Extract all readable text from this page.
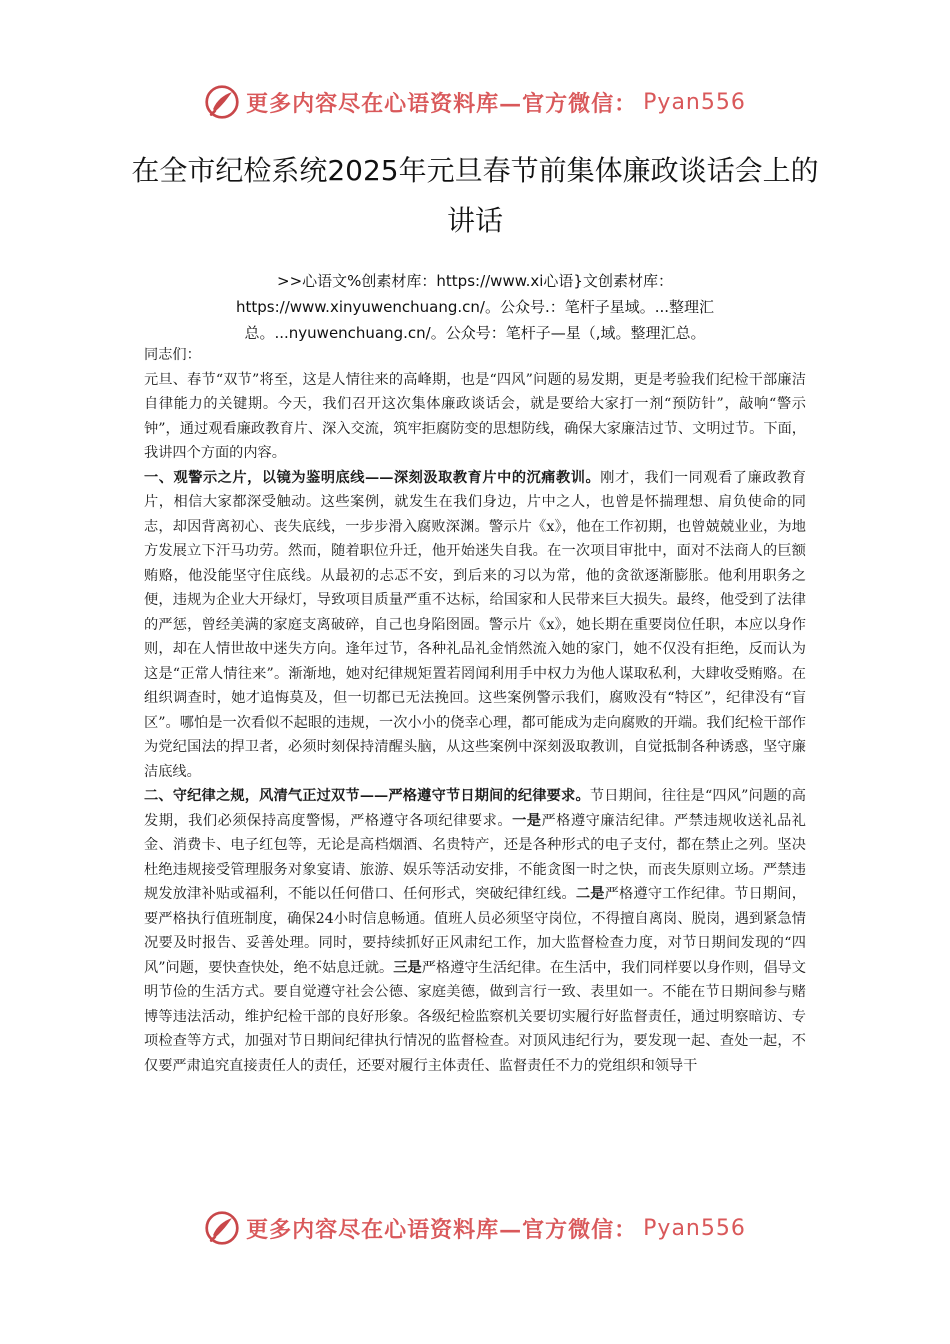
更多内容尽在心语资料库—官方微信： Pyan556
在全市纪检系统2025年元旦春节前集体廉政谈话会上的讲话
>>心语文%创素材库：https://www.xi心语}文创素材库：https://www.xinyuwenchuang.cn/。公众号.：笔杆子星域。...整理汇总。...nyuwenchuang.cn/。公众号：笔杆子—星（,域。整理汇总。

同志们：

元旦、春节“双节”将至，这是人情往来的高峰期，也是“四风”问题的易发期，更是考验我们纪检干部廉洁自律能力的关键期。今天，我们召开这次集体廉政谈话会，就是要给大家打一剂“预防针”，敲响“警示钟”，通过观看廉政教育片、深入交流，筑牢拒腐防变的思想防线，确保大家廉洁过节、文明过节。下面，我讲四个方面的内容。

一、观警示之片，以镜为鉴明底线——深刻汲取教育片中的沉痛教训。刚才，我们一同观看了廉政教育片，相信大家都深受触动。这些案例，就发生在我们身边，片中之人，也曾是怀揣理想、肩负使命的同志，却因背离初心、丧失底线，一步步滑入腐败深渊。警示片《x》，他在工作初期，也曾兢兢业业，为地方发展立下汗马功劳。然而，随着职位升迁，他开始迷失自我。在一次项目审批中，面对不法商人的巨额贿赂，他没能坚守住底线。从最初的忐忑不安，到后来的习以为常，他的贪欲逐渐膨胀。他利用职务之便，违规为企业大开绿灯，导致项目质量严重不达标，给国家和人民带来巨大损失。最终，他受到了法律的严惩，曾经美满的家庭支离破碎，自己也身陷囹圄。警示片《x》，她长期在重要岗位任职，本应以身作则，却在人情世故中迷失方向。逢年过节，各种礼品礼金悄然流入她的家门，她不仅没有拒绝，反而认为这是“正常人情往来”。渐渐地，她对纪律规矩置若罔闻利用手中权力为他人谋取私利，大肆收受贿赂。在组织调查时，她才追悔莫及，但一切都已无法挽回。这些案例警示我们，腐败没有“特区”，纪律没有“盲区”。哪怕是一次看似不起眼的违规，一次小小的侥幸心理，都可能成为走向腐败的开端。我们纪检干部作为党纪国法的捍卫者，必须时刻保持清醒头脑，从这些案例中深刻汲取教训，自觉抵制各种诱惑，坚守廉洁底线。

二、守纪律之规，风清气正过双节——严格遵守节日期间的纪律要求。节日期间，往往是“四风”问题的高发期，我们必须保持高度警惕，严格遵守各项纪律要求。一是严格遵守廉洁纪律。严禁违规收送礼品礼金、消费卡、电子红包等，无论是高档烟酒、名贵特产，还是各种形式的电子支付，都在禁止之列。坚决杜绝违规接受管理服务对象宴请、旅游、娱乐等活动安排，不能贪图一时之快，而丧失原则立场。严禁违规发放津补贴或福利，不能以任何借口、任何形式，突破纪律红线。二是严格遵守工作纪律。节日期间，要严格执行值班制度，确保24小时信息畅通。值班人员必须坚守岗位，不得擅自离岗、脱岗，遇到紧急情况要及时报告、妥善处理。同时，要持续抓好正风肃纪工作，加大监督检查力度，对节日期间发现的“四风”问题，要快查快处，绝不姑息迁就。三是严格遵守生活纪律。在生活中，我们同样要以身作则，倡导文明节俭的生活方式。要自觉遵守社会公德、家庭美德，做到言行一致、表里如一。不能在节日期间参与赌博等违法活动，维护纪检干部的良好形象。各级纪检监察机关要切实履行好监督责任，通过明察暗访、专项检查等方式，加强对节日期间纪律执行情况的监督检查。对顶风违纪行为，要发现一起、查处一起，不仅要严肃追究直接责任人的责任，还要对履行主体责任、监督责任不力的党组织和领导干

更多内容尽在心语资料库—官方微信： Pyan556
